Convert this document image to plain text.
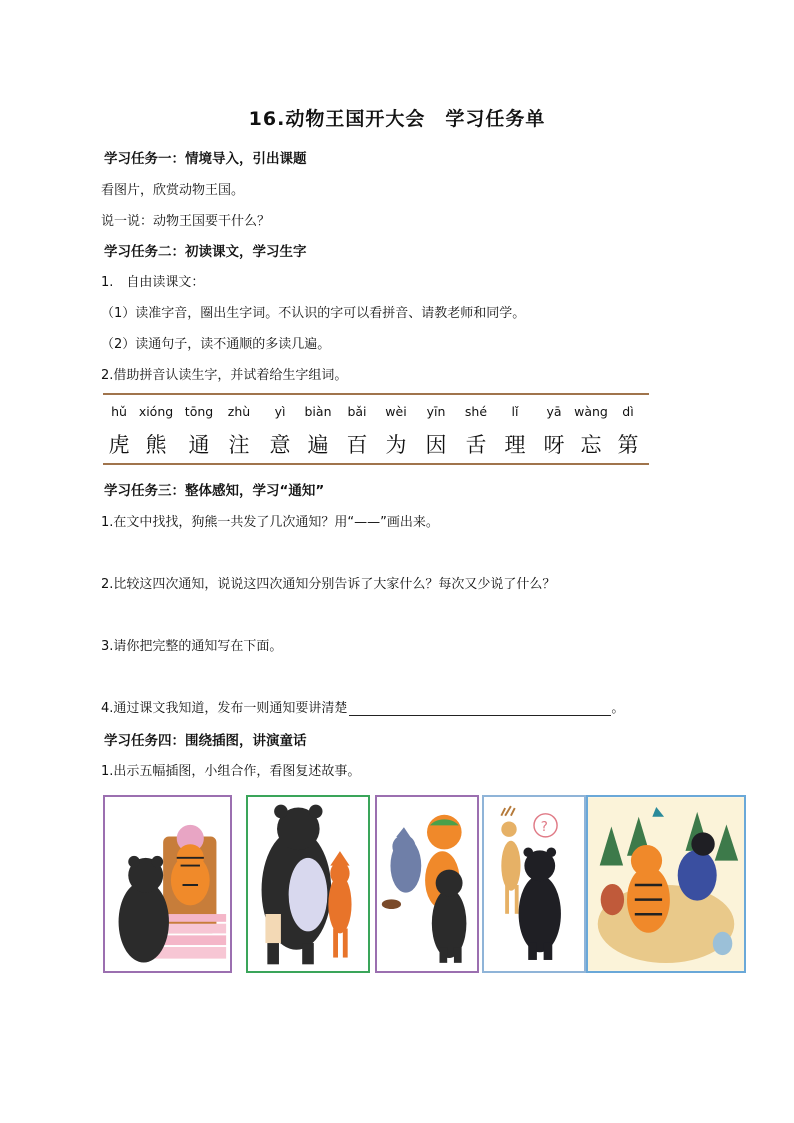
16.动物王国开大会　学习任务单
学习任务一：情境导入，引出课题
看图片，欣赏动物王国。
说一说：动物王国要干什么？
学习任务二：初读课文，学习生字
1.　自由读课文：
（1）读准字音，圈出生字词。不认识的字可以看拼音、请教老师和同学。
（2）读通句子，读不通顺的多读几遍。
2.借助拼音认读生字，并试着给生字组词。
hǔ
虎
xióng
熊
tōng
通
zhù
注
yì
意
biàn
遍
bǎi
百
wèi
为
yīn
因
shé
舌
lǐ
理
yā
呀
wàng
忘
dì
第
学习任务三：整体感知，学习“通知”
1.在文中找找，狗熊一共发了几次通知？用“——”画出来。
2.比较这四次通知，说说这四次通知分别告诉了大家什么？每次又少说了什么？
3.请你把完整的通知写在下面。
4.通过课文我知道，发布一则通知要讲清楚	。
学习任务四：围绕插图，讲演童话
1.出示五幅插图，小组合作，看图复述故事。
?
